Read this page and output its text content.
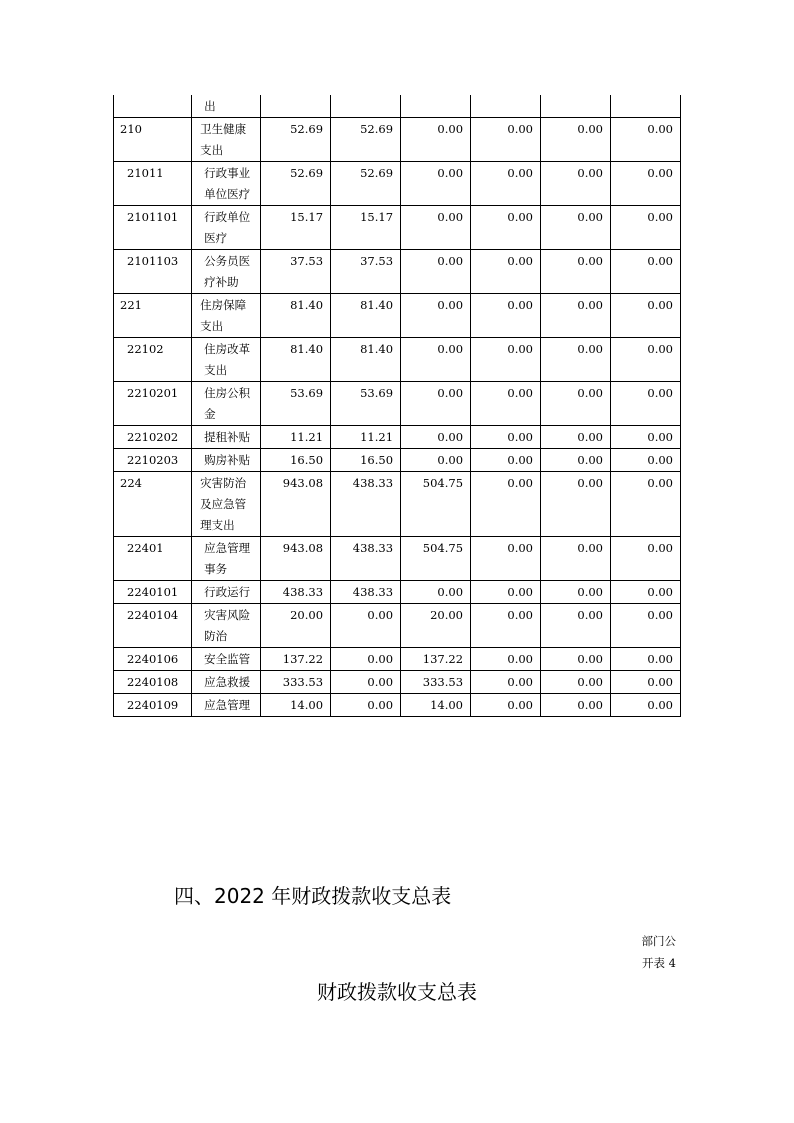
	出						
210	卫生健康支出	52.69	52.69	0.00	0.00	0.00	0.00
21011	行政事业单位医疗	52.69	52.69	0.00	0.00	0.00	0.00
2101101	行政单位医疗	15.17	15.17	0.00	0.00	0.00	0.00
2101103	公务员医疗补助	37.53	37.53	0.00	0.00	0.00	0.00
221	住房保障支出	81.40	81.40	0.00	0.00	0.00	0.00
22102	住房改革支出	81.40	81.40	0.00	0.00	0.00	0.00
2210201	住房公积金	53.69	53.69	0.00	0.00	0.00	0.00
2210202	提租补贴	11.21	11.21	0.00	0.00	0.00	0.00
2210203	购房补贴	16.50	16.50	0.00	0.00	0.00	0.00
224	灾害防治及应急管理支出	943.08	438.33	504.75	0.00	0.00	0.00
22401	应急管理事务	943.08	438.33	504.75	0.00	0.00	0.00
2240101	行政运行	438.33	438.33	0.00	0.00	0.00	0.00
2240104	灾害风险防治	20.00	0.00	20.00	0.00	0.00	0.00
2240106	安全监管	137.22	0.00	137.22	0.00	0.00	0.00
2240108	应急救援	333.53	0.00	333.53	0.00	0.00	0.00
2240109	应急管理	14.00	0.00	14.00	0.00	0.00	0.00
四、2022 年财政拨款收支总表
部门公
开表 4
财政拨款收支总表
